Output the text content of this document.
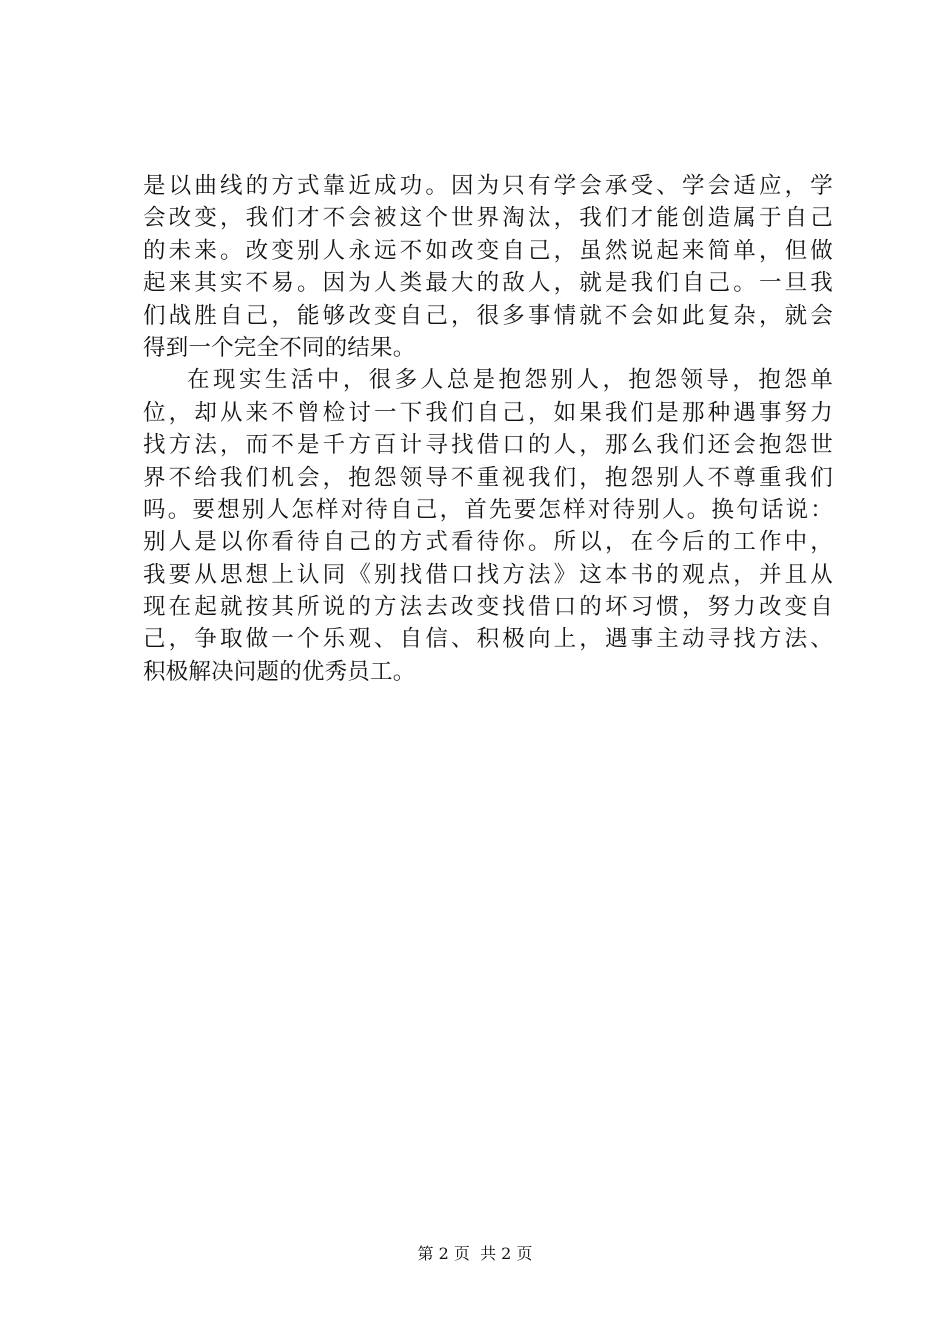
是以曲线的方式靠近成功。因为只有学会承受、学会适应，学
会改变，我们才不会被这个世界淘汰，我们才能创造属于自己
的未来。改变别人永远不如改变自己，虽然说起来简单，但做
起来其实不易。因为人类最大的敌人，就是我们自己。一旦我
们战胜自己，能够改变自己，很多事情就不会如此复杂，就会
得到一个完全不同的结果。
在现实生活中，很多人总是抱怨别人，抱怨领导，抱怨单
位，却从来不曾检讨一下我们自己，如果我们是那种遇事努力
找方法，而不是千方百计寻找借口的人，那么我们还会抱怨世
界不给我们机会，抱怨领导不重视我们，抱怨别人不尊重我们
吗。要想别人怎样对待自己，首先要怎样对待别人。换句话说：
别人是以你看待自己的方式看待你。所以，在今后的工作中，
我要从思想上认同《别找借口找方法》这本书的观点，并且从
现在起就按其所说的方法去改变找借口的坏习惯，努力改变自
己，争取做一个乐观、自信、积极向上，遇事主动寻找方法、
积极解决问题的优秀员工。
第 2 页  共 2 页
